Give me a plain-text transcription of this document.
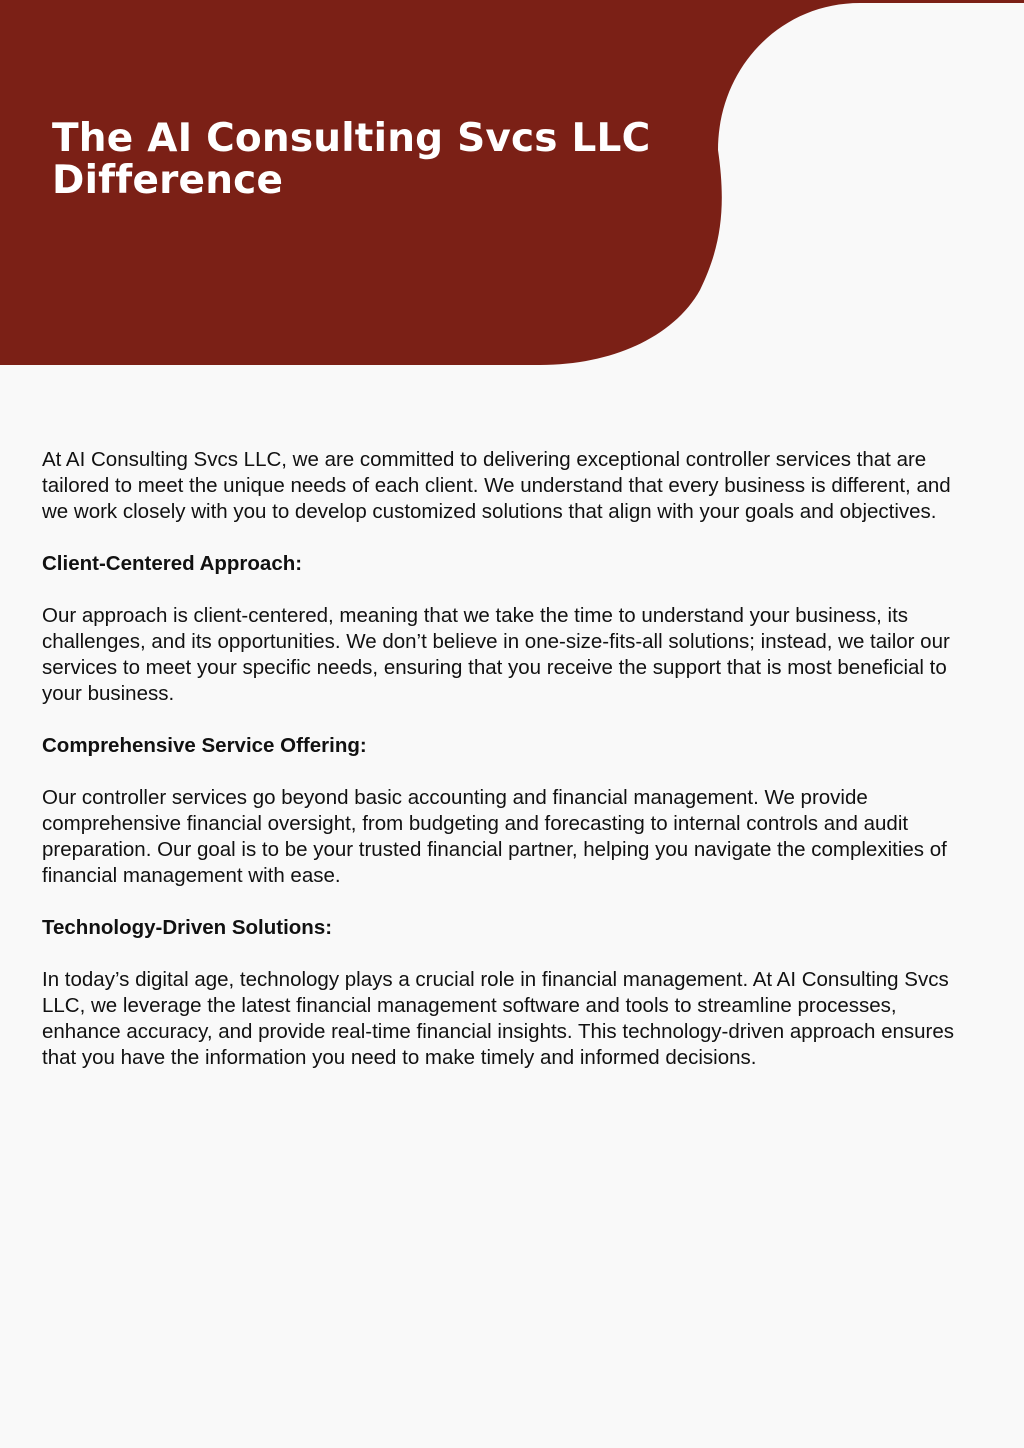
The AI Consulting Svcs LLC Difference

At AI Consulting Svcs LLC, we are committed to delivering exceptional controller services that are tailored to meet the unique needs of each client. We understand that every business is different, and we work closely with you to develop customized solutions that align with your goals and objectives.

Client-Centered Approach:

Our approach is client-centered, meaning that we take the time to understand your business, its challenges, and its opportunities. We don’t believe in one-size-fits-all solutions; instead, we tailor our services to meet your specific needs, ensuring that you receive the support that is most beneficial to your business.

Comprehensive Service Offering:

Our controller services go beyond basic accounting and financial management. We provide comprehensive financial oversight, from budgeting and forecasting to internal controls and audit preparation. Our goal is to be your trusted financial partner, helping you navigate the complexities of financial management with ease.

Technology-Driven Solutions:

In today’s digital age, technology plays a crucial role in financial management. At AI Consulting Svcs LLC, we leverage the latest financial management software and tools to streamline processes, enhance accuracy, and provide real-time financial insights. This technology-driven approach ensures that you have the information you need to make timely and informed decisions.
